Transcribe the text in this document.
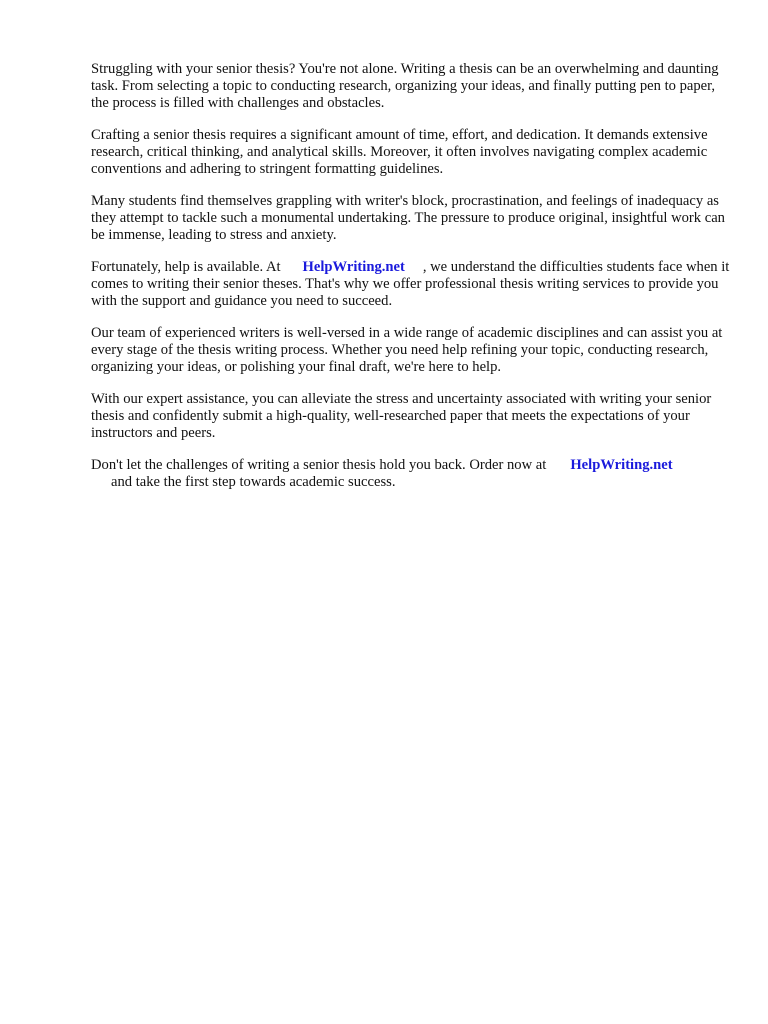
Struggling with your senior thesis? You're not alone. Writing a thesis can be an overwhelming and daunting task. From selecting a topic to conducting research, organizing your ideas, and finally putting pen to paper, the process is filled with challenges and obstacles.

Crafting a senior thesis requires a significant amount of time, effort, and dedication. It demands extensive research, critical thinking, and analytical skills. Moreover, it often involves navigating complex academic conventions and adhering to stringent formatting guidelines.

Many students find themselves grappling with writer's block, procrastination, and feelings of inadequacy as they attempt to tackle such a monumental undertaking. The pressure to produce original, insightful work can be immense, leading to stress and anxiety.

Fortunately, help is available. At HelpWriting.net , we understand the difficulties students face when it comes to writing their senior theses. That's why we offer professional thesis writing services to provide you with the support and guidance you need to succeed.

Our team of experienced writers is well-versed in a wide range of academic disciplines and can assist you at every stage of the thesis writing process. Whether you need help refining your topic, conducting research, organizing your ideas, or polishing your final draft, we're here to help.

With our expert assistance, you can alleviate the stress and uncertainty associated with writing your senior thesis and confidently submit a high-quality, well-researched paper that meets the expectations of your instructors and peers.

Don't let the challenges of writing a senior thesis hold you back. Order now at HelpWriting.net
and take the first step towards academic success.
